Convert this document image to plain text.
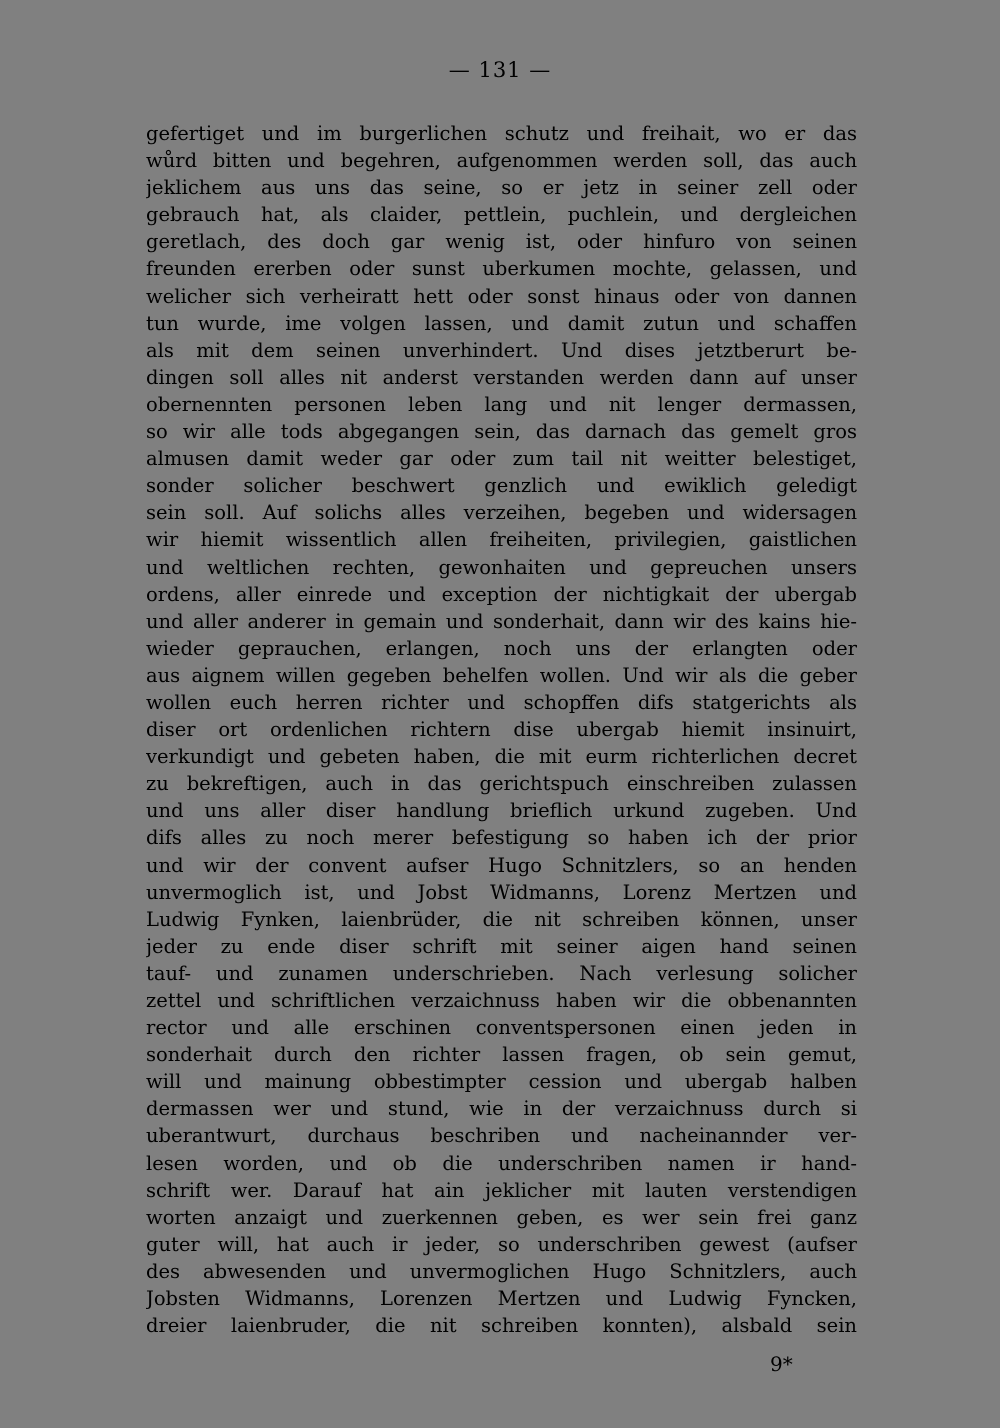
— 131 —
gefertiget und im burgerlichen schutz und freihait, wo er das
wůrd bitten und begehren, aufgenommen werden soll, das auch
jeklichem aus uns das seine, so er jetz in seiner zell oder
gebrauch hat, als claider, pettlein, puchlein, und dergleichen
geretlach, des doch gar wenig ist, oder hinfuro von seinen
freunden ererben oder sunst uberkumen mochte, gelassen, und
welicher sich verheiratt hett oder sonst hinaus oder von dannen
tun wurde, ime volgen lassen, und damit zutun und schaffen
als mit dem seinen unverhindert. Und dises jetztberurt be-
dingen soll alles nit anderst verstanden werden dann auf unser
obernennten personen leben lang und nit lenger dermassen,
so wir alle tods abgegangen sein, das darnach das gemelt gros
almusen damit weder gar oder zum tail nit weitter belestiget,
sonder solicher beschwert genzlich und ewiklich geledigt
sein soll. Auf solichs alles verzeihen, begeben und widersagen
wir hiemit wissentlich allen freiheiten, privilegien, gaistlichen
und weltlichen rechten, gewonhaiten und gepreuchen unsers
ordens, aller einrede und exception der nichtigkait der ubergab
und aller anderer in gemain und sonderhait, dann wir des kains hie-
wieder geprauchen, erlangen, noch uns der erlangten oder
aus aignem willen gegeben behelfen wollen. Und wir als die geber
wollen euch herren richter und schopffen difs statgerichts als
diser ort ordenlichen richtern dise ubergab hiemit insinuirt,
verkundigt und gebeten haben, die mit eurm richterlichen decret
zu bekreftigen, auch in das gerichtspuch einschreiben zulassen
und uns aller diser handlung brieflich urkund zugeben. Und
difs alles zu noch merer befestigung so haben ich der prior
und wir der convent aufser Hugo Schnitzlers, so an henden
unvermoglich ist, und Jobst Widmanns, Lorenz Mertzen und
Ludwig Fynken, laienbrüder, die nit schreiben können, unser
jeder zu ende diser schrift mit seiner aigen hand seinen
tauf- und zunamen underschrieben. Nach verlesung solicher
zettel und schriftlichen verzaichnuss haben wir die obbenannten
rector und alle erschinen conventspersonen einen jeden in
sonderhait durch den richter lassen fragen, ob sein gemut,
will und mainung obbestimpter cession und ubergab halben
dermassen wer und stund, wie in der verzaichnuss durch si
uberantwurt, durchaus beschriben und nacheinannder ver-
lesen worden, und ob die underschriben namen ir hand-
schrift wer. Darauf hat ain jeklicher mit lauten verstendigen
worten anzaigt und zuerkennen geben, es wer sein frei ganz
guter will, hat auch ir jeder, so underschriben gewest (aufser
des abwesenden und unvermoglichen Hugo Schnitzlers, auch
Jobsten Widmanns, Lorenzen Mertzen und Ludwig Fyncken,
dreier laienbruder, die nit schreiben konnten), alsbald sein
9*
